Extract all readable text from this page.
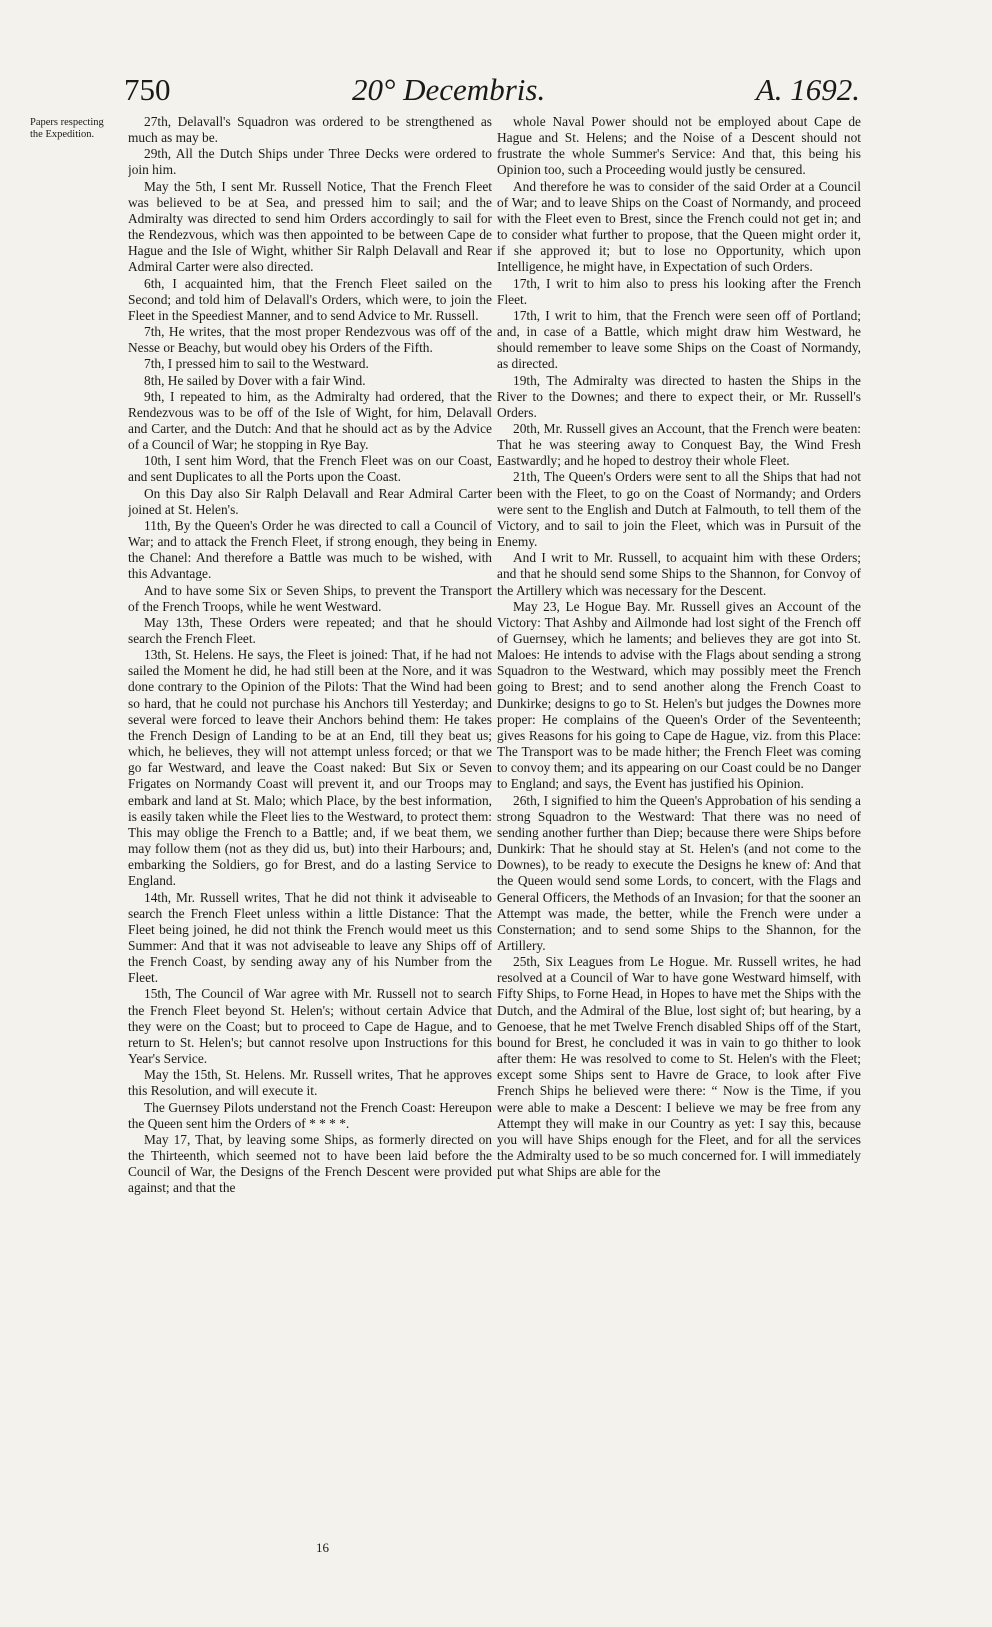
750	20° Decembris.	A. 1692.
Papers respecting the Expedition.

27th, Delavall's Squadron was ordered to be strengthened as much as may be.

29th, All the Dutch Ships under Three Decks were ordered to join him.

May the 5th, I sent Mr. Russell Notice, That the French Fleet was believed to be at Sea, and pressed him to sail; and the Admiralty was directed to send him Orders accordingly to sail for the Rendezvous, which was then appointed to be between Cape de Hague and the Isle of Wight, whither Sir Ralph Delavall and Rear Admiral Carter were also directed.

6th, I acquainted him, that the French Fleet sailed on the Second; and told him of Delavall's Orders, which were, to join the Fleet in the Speediest Manner, and to send Advice to Mr. Russell.

7th, He writes, that the most proper Rendezvous was off of the Nesse or Beachy, but would obey his Orders of the Fifth.

7th, I pressed him to sail to the Westward.

8th, He sailed by Dover with a fair Wind.

9th, I repeated to him, as the Admiralty had ordered, that the Rendezvous was to be off of the Isle of Wight, for him, Delavall and Carter, and the Dutch: And that he should act as by the Advice of a Council of War; he stopping in Rye Bay.

10th, I sent him Word, that the French Fleet was on our Coast, and sent Duplicates to all the Ports upon the Coast.

On this Day also Sir Ralph Delavall and Rear Admiral Carter joined at St. Helen's.

11th, By the Queen's Order he was directed to call a Council of War; and to attack the French Fleet, if strong enough, they being in the Chanel: And therefore a Battle was much to be wished, with this Advantage.

And to have some Six or Seven Ships, to prevent the Transport of the French Troops, while he went Westward.

May 13th, These Orders were repeated; and that he should search the French Fleet.

13th, St. Helens. He says, the Fleet is joined: That, if he had not sailed the Moment he did, he had still been at the Nore, and it was done contrary to the Opinion of the Pilots: That the Wind had been so hard, that he could not purchase his Anchors till Yesterday; and several were forced to leave their Anchors behind them: He takes the French Design of Landing to be at an End, till they beat us; which, he believes, they will not attempt unless forced; or that we go far Westward, and leave the Coast naked: But Six or Seven Frigates on Normandy Coast will prevent it, and our Troops may embark and land at St. Malo; which Place, by the best information, is easily taken while the Fleet lies to the Westward, to protect them: This may oblige the French to a Battle; and, if we beat them, we may follow them (not as they did us, but) into their Harbours; and, embarking the Soldiers, go for Brest, and do a lasting Service to England.

14th, Mr. Russell writes, That he did not think it adviseable to search the French Fleet unless within a little Distance: That the Fleet being joined, he did not think the French would meet us this Summer: And that it was not adviseable to leave any Ships off of the French Coast, by sending away any of his Number from the Fleet.

15th, The Council of War agree with Mr. Russell not to search the French Fleet beyond St. Helen's; without certain Advice that they were on the Coast; but to proceed to Cape de Hague, and to return to St. Helen's; but cannot resolve upon Instructions for this Year's Service.

May the 15th, St. Helens. Mr. Russell writes, That he approves this Resolution, and will execute it.

The Guernsey Pilots understand not the French Coast: Hereupon the Queen sent him the Orders of * * * *.

May 17, That, by leaving some Ships, as formerly directed on the Thirteenth, which seemed not to have been laid before the Council of War, the Designs of the French Descent were provided against; and that the

whole Naval Power should not be employed about Cape de Hague and St. Helens; and the Noise of a Descent should not frustrate the whole Summer's Service: And that, this being his Opinion too, such a Proceeding would justly be censured.

And therefore he was to consider of the said Order at a Council of War; and to leave Ships on the Coast of Normandy, and proceed with the Fleet even to Brest, since the French could not get in; and to consider what further to propose, that the Queen might order it, if she approved it; but to lose no Opportunity, which upon Intelligence, he might have, in Expectation of such Orders.

17th, I writ to him also to press his looking after the French Fleet.

17th, I writ to him, that the French were seen off of Portland; and, in case of a Battle, which might draw him Westward, he should remember to leave some Ships on the Coast of Normandy, as directed.

19th, The Admiralty was directed to hasten the Ships in the River to the Downes; and there to expect their, or Mr. Russell's Orders.

20th, Mr. Russell gives an Account, that the French were beaten: That he was steering away to Conquest Bay, the Wind Fresh Eastwardly; and he hoped to destroy their whole Fleet.

21th, The Queen's Orders were sent to all the Ships that had not been with the Fleet, to go on the Coast of Normandy; and Orders were sent to the English and Dutch at Falmouth, to tell them of the Victory, and to sail to join the Fleet, which was in Pursuit of the Enemy.

And I writ to Mr. Russell, to acquaint him with these Orders; and that he should send some Ships to the Shannon, for Convoy of the Artillery which was necessary for the Descent.

May 23, Le Hogue Bay. Mr. Russell gives an Account of the Victory: That Ashby and Ailmonde had lost sight of the French off of Guernsey, which he laments; and believes they are got into St. Maloes: He intends to advise with the Flags about sending a strong Squadron to the Westward, which may possibly meet the French going to Brest; and to send another along the French Coast to Dunkirke; designs to go to St. Helen's but judges the Downes more proper: He complains of the Queen's Order of the Seventeenth; gives Reasons for his going to Cape de Hague, viz. from this Place: The Transport was to be made hither; the French Fleet was coming to convoy them; and its appearing on our Coast could be no Danger to England; and says, the Event has justified his Opinion.

26th, I signified to him the Queen's Approbation of his sending a strong Squadron to the Westward: That there was no need of sending another further than Diep; because there were Ships before Dunkirk: That he should stay at St. Helen's (and not come to the Downes), to be ready to execute the Designs he knew of: And that the Queen would send some Lords, to concert, with the Flags and General Officers, the Methods of an Invasion; for that the sooner an Attempt was made, the better, while the French were under a Consternation; and to send some Ships to the Shannon, for the Artillery.

25th, Six Leagues from Le Hogue. Mr. Russell writes, he had resolved at a Council of War to have gone Westward himself, with Fifty Ships, to Forne Head, in Hopes to have met the Ships with the Dutch, and the Admiral of the Blue, lost sight of; but hearing, by a Genoese, that he met Twelve French disabled Ships off of the Start, bound for Brest, he concluded it was in vain to go thither to look after them: He was resolved to come to St. Helen's with the Fleet; except some Ships sent to Havre de Grace, to look after Five French Ships he believed were there: “ Now is the Time, if you were able to make a Descent: I believe we may be free from any Attempt they will make in our Country as yet: I say this, because you will have Ships enough for the Fleet, and for all the services the Admiralty used to be so much concerned for. I will immediately put what Ships are able for the

16
